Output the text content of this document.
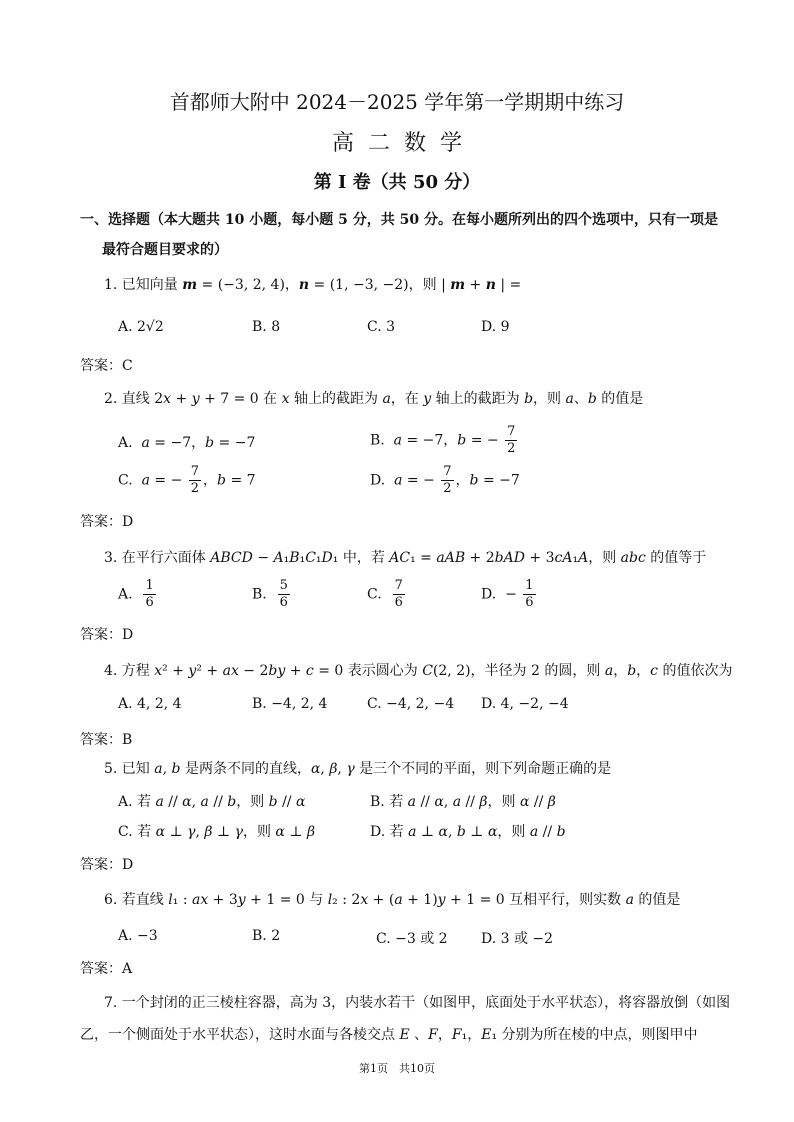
首都师大附中 2024－2025 学年第一学期期中练习
高二数学
第 I 卷（共 50 分）
一、选择题（本大题共 10 小题，每小题 5 分，共 50 分。在每小题所列出的四个选项中，只有一项是
最符合题目要求的）
1. 已知向量 m = (−3, 2, 4)，n = (1, −3, −2)，则 | m + n | =
A. 2√2	B. 8	C. 3	D. 9
答案：C
2. 直线 2x + y + 7 = 0 在 x 轴上的截距为 a，在 y 轴上的截距为 b，则 a、b 的值是
A.  a = −7，b = −7	B.  a = −7，b = − $\frac{7}{2}$
C.  a = − $\frac{7}{2}$ ，b = 7	D.  a = − $\frac{7}{2}$ ，b = −7
答案：D
3. 在平行六面体 ABCD − A₁B₁C₁D₁ 中，若 AC₁ = aAB + 2bAD + 3cA₁A，则 abc 的值等于
A. $\frac{1}{6}$	B. $\frac{5}{6}$	C. $\frac{7}{6}$	D.  − $\frac{1}{6}$
答案：D
4. 方程 x² + y² + ax − 2by + c = 0 表示圆心为 C(2, 2)，半径为 2 的圆，则 a，b，c 的值依次为
A. 4, 2, 4	B. −4, 2, 4	C. −4, 2, −4 D. 4, −2, −4
答案：B
5. 已知 a, b 是两条不同的直线，α, β, γ 是三个不同的平面，则下列命题正确的是
A. 若 a // α, a // b，则 b // α	B. 若 a // α, a // β，则 α // β
C. 若 α ⊥ γ, β ⊥ γ，则 α ⊥ β	D. 若 a ⊥ α, b ⊥ α，则 a // b
答案：D
6. 若直线 l₁ : ax + 3y + 1 = 0 与 l₂ : 2x + (a + 1)y + 1 = 0 互相平行，则实数 a 的值是
A. −3	B. 2	C. −3 或 2 D. 3 或 −2
答案：A
7. 一个封闭的正三棱柱容器，高为 3，内装水若干（如图甲，底面处于水平状态），将容器放倒（如图
乙，一个侧面处于水平状态），这时水面与各棱交点 E 、F，F₁，E₁ 分别为所在棱的中点，则图甲中
第1页　共10页
